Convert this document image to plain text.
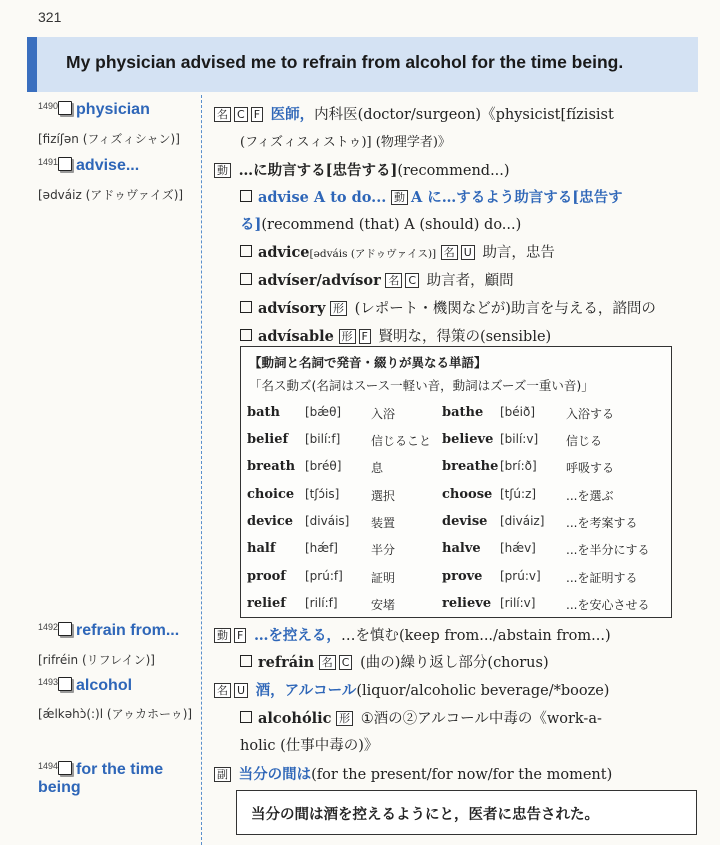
321
My physician advised me to refrain from alcohol for the time being.
$^{1490}$ physician
[fizíʃən (フィズィシャン)]
$^{1491}$ advise...
[ədváiz (アドゥヴァイズ)]
$^{1492}$ refrain from...
[rifréin (リフレイン)]
$^{1493}$ alcohol
[ǽlkəhɔ̀(:)l (アゥカホーゥ)]
$^{1494}$ for the time being
名 C F 医師，内科医(doctor/surgeon)《physicist[fízisist
(フィズィスィストゥ)] (物理学者)》
動 …に助言する[忠告する](recommend...)
advise A to do... 動 A に…するよう助言する[忠告す
る](recommend (that) A (should) do...)
advice[ədváis (アドゥヴァイス)] 名 U 助言，忠告
advíser/advísor 名 C 助言者，顧問
advísory 形 (レポート・機関などが)助言を与える，諮問の
advísable 形 F 賢明な，得策の(sensible)
【動詞と名詞で発音・綴りが異なる単語】
「名ス動ズ(名詞はスース一軽い音，動詞はズーズ一重い音)」
bath [bǽθ] 入浴	bathe [béið]	入浴する
belief [bilí:f]	信じること believe [bilí:v] 信じる
breath [bréθ] 息	breathe [brí:ð] 呼吸する
choice [tʃɔ́is]	選択	choose [tʃú:z] ...を選ぶ
device [diváis] 装置	devise [diváiz] ...を考案する
half [hǽf]	半分	halve [hǽv]	...を半分にする
proof [prú:f] 証明	prove [prú:v] ...を証明する
relief [rilí:f]	安堵	relieve [rilí:v]	...を安心させる
動 F …を控える，…を慎む(keep from.../abstain from...)
refráin 名 C (曲の)繰り返し部分(chorus)
名 U 酒，アルコール(liquor/alcoholic beverage/*booze)
alcohólic 形 ①酒の②アルコール中毒の《work-a-
holic (仕事中毒の)》
副 当分の間は(for the present/for now/for the moment)
当分の間は酒を控えるようにと，医者に忠告された。
